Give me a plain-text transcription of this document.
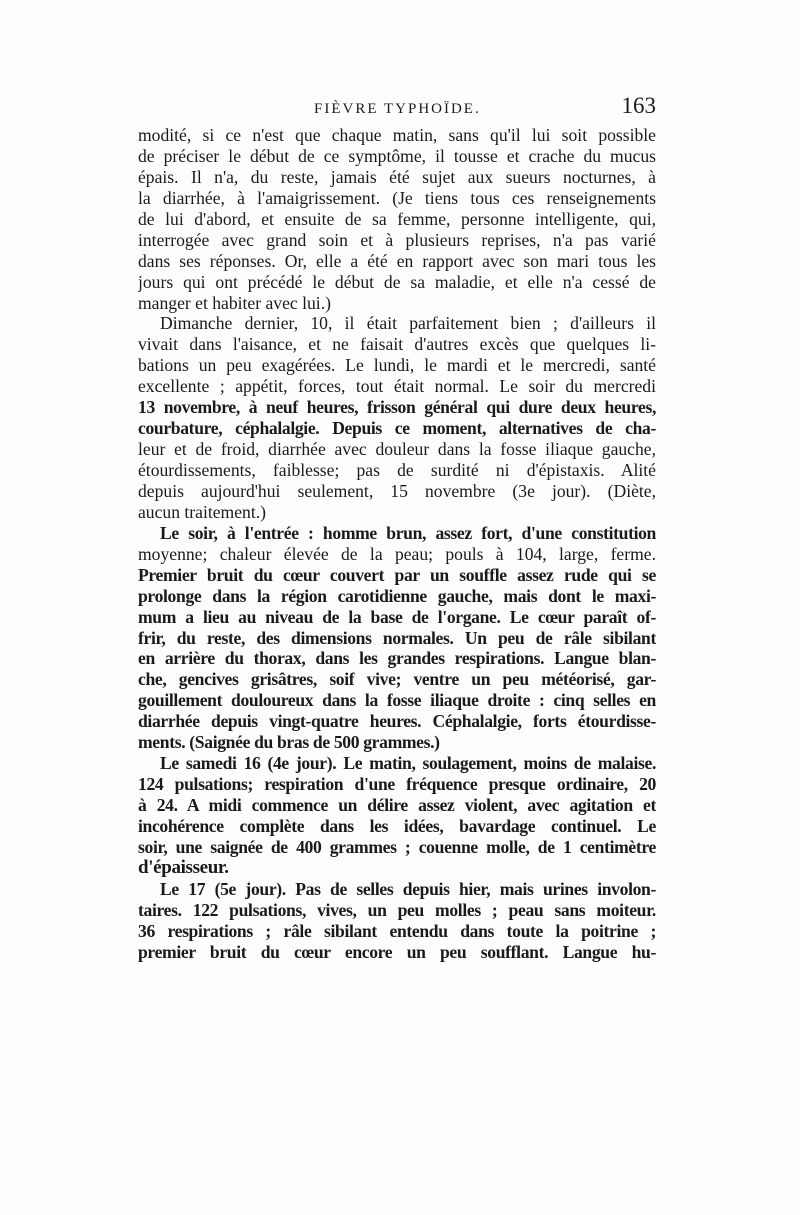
FIÈVRE TYPHOÏDE.	163
modité, si ce n'est que chaque matin, sans qu'il lui soit possible
de préciser le début de ce symptôme, il tousse et crache du mucus
épais. Il n'a, du reste, jamais été sujet aux sueurs nocturnes, à
la diarrhée, à l'amaigrissement. (Je tiens tous ces renseignements
de lui d'abord, et ensuite de sa femme, personne intelligente, qui,
interrogée avec grand soin et à plusieurs reprises, n'a pas varié
dans ses réponses. Or, elle a été en rapport avec son mari tous les
jours qui ont précédé le début de sa maladie, et elle n'a cessé de
manger et habiter avec lui.)
Dimanche dernier, 10, il était parfaitement bien ; d'ailleurs il
vivait dans l'aisance, et ne faisait d'autres excès que quelques li-
bations un peu exagérées. Le lundi, le mardi et le mercredi, santé
excellente ; appétit, forces, tout était normal. Le soir du mercredi
13 novembre, à neuf heures, frisson général qui dure deux heures,
courbature, céphalalgie. Depuis ce moment, alternatives de cha-
leur et de froid, diarrhée avec douleur dans la fosse iliaque gauche,
étourdissements, faiblesse; pas de surdité ni d'épistaxis. Alité
depuis aujourd'hui seulement, 15 novembre (3e jour). (Diète,
aucun traitement.)
Le soir, à l'entrée : homme brun, assez fort, d'une constitution
moyenne; chaleur élevée de la peau; pouls à 104, large, ferme.
Premier bruit du cœur couvert par un souffle assez rude qui se
prolonge dans la région carotidienne gauche, mais dont le maxi-
mum a lieu au niveau de la base de l'organe. Le cœur paraît of-
frir, du reste, des dimensions normales. Un peu de râle sibilant
en arrière du thorax, dans les grandes respirations. Langue blan-
che, gencives grisâtres, soif vive; ventre un peu météorisé, gar-
gouillement douloureux dans la fosse iliaque droite : cinq selles en
diarrhée depuis vingt-quatre heures. Céphalalgie, forts étourdisse-
ments. (Saignée du bras de 500 grammes.)
Le samedi 16 (4e jour). Le matin, soulagement, moins de malaise.
124 pulsations; respiration d'une fréquence presque ordinaire, 20
à 24. A midi commence un délire assez violent, avec agitation et
incohérence complète dans les idées, bavardage continuel. Le
soir, une saignée de 400 grammes ; couenne molle, de 1 centimètre
d'épaisseur.
Le 17 (5e jour). Pas de selles depuis hier, mais urines involon-
taires. 122 pulsations, vives, un peu molles ; peau sans moiteur.
36 respirations ; râle sibilant entendu dans toute la poitrine ;
premier bruit du cœur encore un peu soufflant. Langue hu-
